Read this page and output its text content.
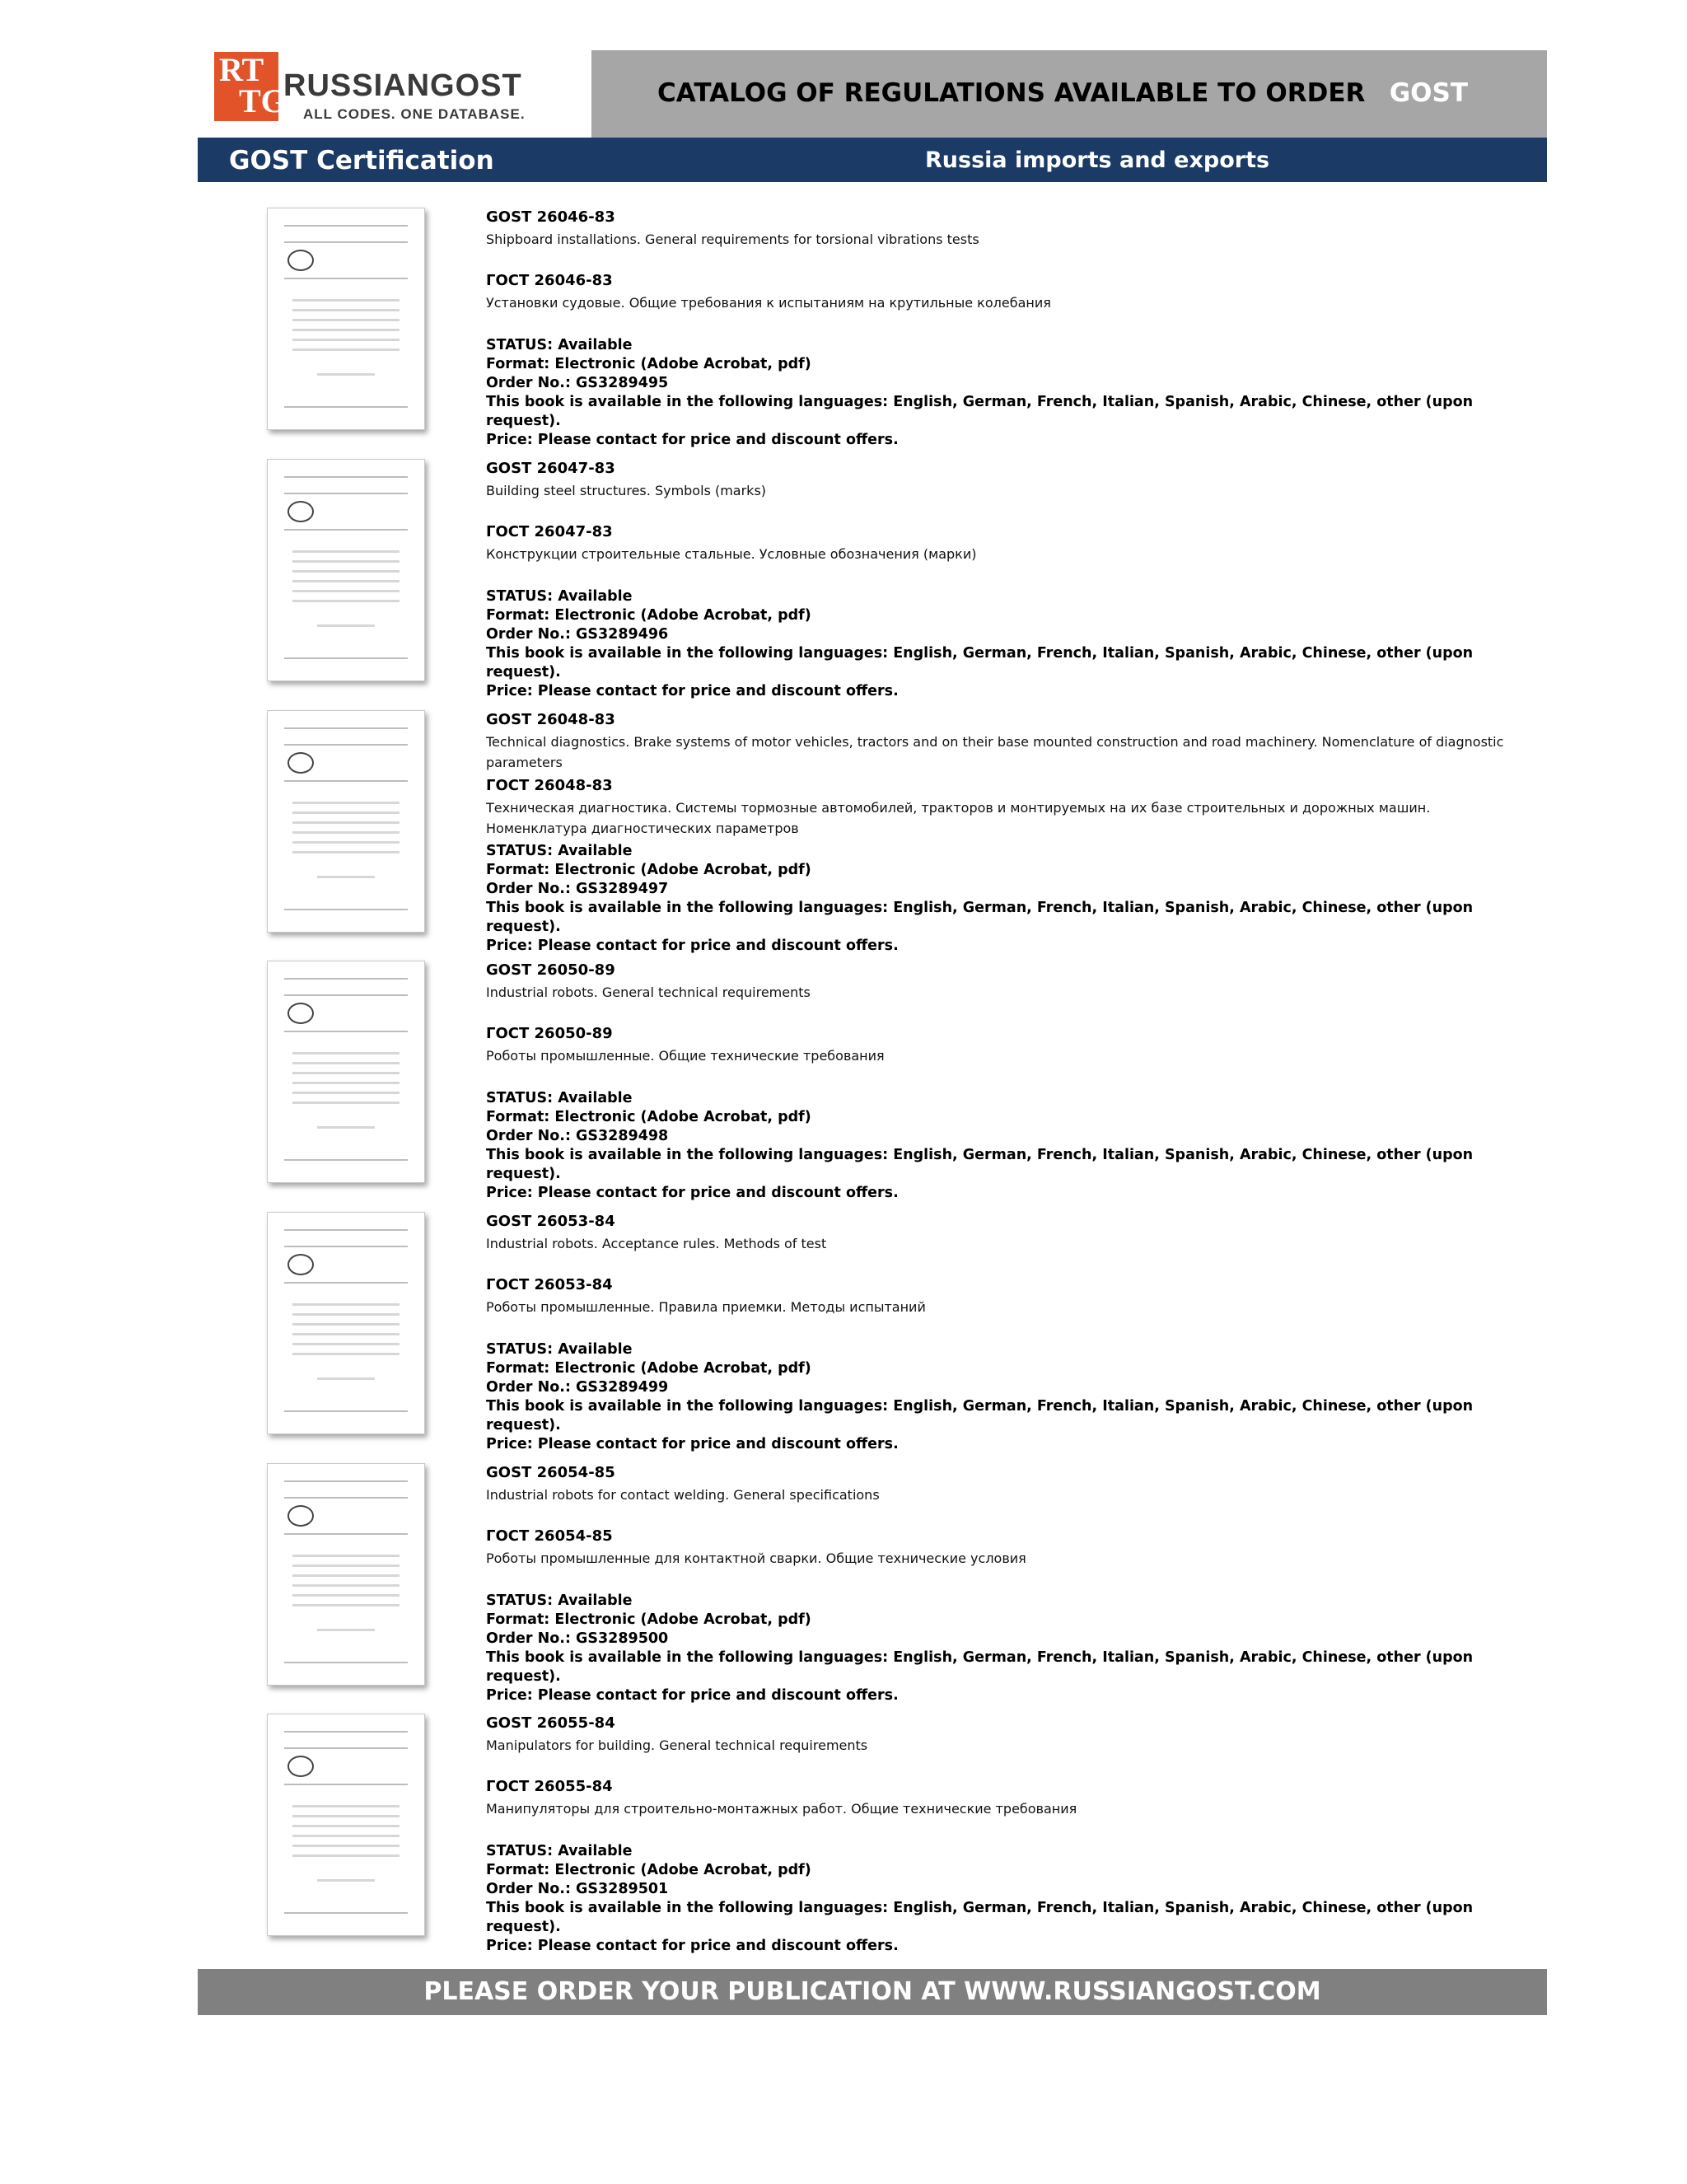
RT
TG
RUSSIANGOST
ALL CODES. ONE DATABASE.
CATALOG OF REGULATIONS AVAILABLE TO ORDER GOST
GOST Certification	Russia imports and exports
GOST 26046-83
Shipboard installations. General requirements for torsional vibrations tests
ГОСТ 26046-83
Установки судовые. Общие требования к испытаниям на крутильные колебания
STATUS: Available
Format: Electronic (Adobe Acrobat, pdf)
Order No.: GS3289495
This book is available in the following languages: English, German, French, Italian, Spanish, Arabic, Chinese, other (upon request).
Price: Please contact for price and discount offers.
GOST 26047-83
Building steel structures. Symbols (marks)
ГОСТ 26047-83
Конструкции строительные стальные. Условные обозначения (марки)
STATUS: Available
Format: Electronic (Adobe Acrobat, pdf)
Order No.: GS3289496
This book is available in the following languages: English, German, French, Italian, Spanish, Arabic, Chinese, other (upon request).
Price: Please contact for price and discount offers.
GOST 26048-83
Technical diagnostics. Brake systems of motor vehicles, tractors and on their base mounted construction and road machinery. Nomenclature of diagnostic parameters
ГОСТ 26048-83
Техническая диагностика. Системы тормозные автомобилей, тракторов и монтируемых на их базе строительных и дорожных машин. Номенклатура диагностических параметров
STATUS: Available
Format: Electronic (Adobe Acrobat, pdf)
Order No.: GS3289497
This book is available in the following languages: English, German, French, Italian, Spanish, Arabic, Chinese, other (upon request).
Price: Please contact for price and discount offers.
GOST 26050-89
Industrial robots. General technical requirements
ГОСТ 26050-89
Роботы промышленные. Общие технические требования
STATUS: Available
Format: Electronic (Adobe Acrobat, pdf)
Order No.: GS3289498
This book is available in the following languages: English, German, French, Italian, Spanish, Arabic, Chinese, other (upon request).
Price: Please contact for price and discount offers.
GOST 26053-84
Industrial robots. Acceptance rules. Methods of test
ГОСТ 26053-84
Роботы промышленные. Правила приемки. Методы испытаний
STATUS: Available
Format: Electronic (Adobe Acrobat, pdf)
Order No.: GS3289499
This book is available in the following languages: English, German, French, Italian, Spanish, Arabic, Chinese, other (upon request).
Price: Please contact for price and discount offers.
GOST 26054-85
Industrial robots for contact welding. General specifications
ГОСТ 26054-85
Роботы промышленные для контактной сварки. Общие технические условия
STATUS: Available
Format: Electronic (Adobe Acrobat, pdf)
Order No.: GS3289500
This book is available in the following languages: English, German, French, Italian, Spanish, Arabic, Chinese, other (upon request).
Price: Please contact for price and discount offers.
GOST 26055-84
Manipulators for building. General technical requirements
ГОСТ 26055-84
Манипуляторы для строительно-монтажных работ. Общие технические требования
STATUS: Available
Format: Electronic (Adobe Acrobat, pdf)
Order No.: GS3289501
This book is available in the following languages: English, German, French, Italian, Spanish, Arabic, Chinese, other (upon request).
Price: Please contact for price and discount offers.
PLEASE ORDER YOUR PUBLICATION AT WWW.RUSSIANGOST.COM
